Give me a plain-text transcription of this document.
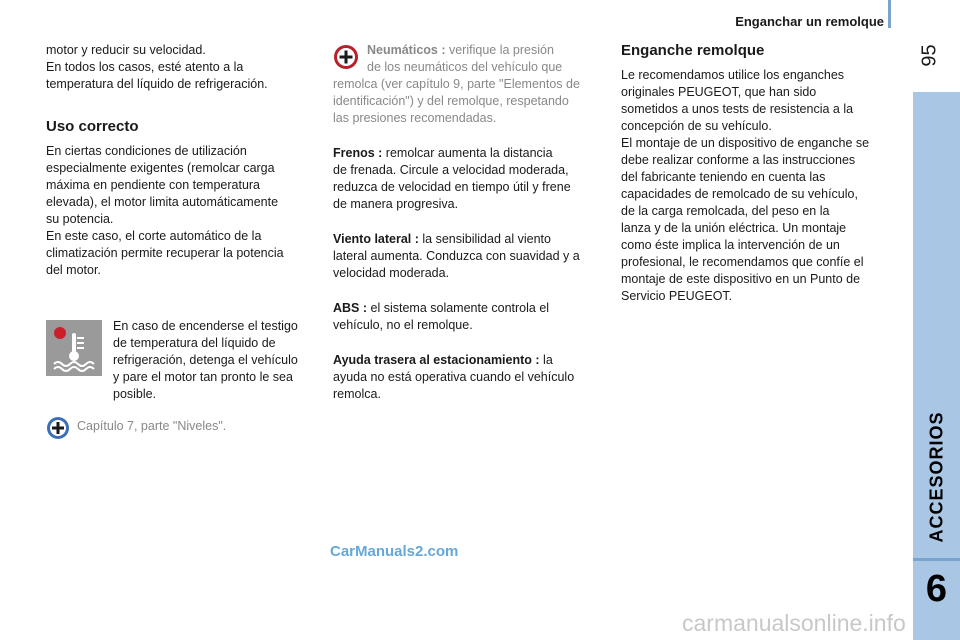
Enganchar un remolque
95
ACCESORIOS
6

motor y reducir su velocidad.

En todos los casos, esté atento a la

temperatura del líquido de refrigeración.

Uso correcto

En ciertas condiciones de utilización

especialmente exigentes (remolcar carga

máxima en pendiente con temperatura

elevada), el motor limita automáticamente

su potencia.

En este caso, el corte automático de la

climatización permite recuperar la potencia

del motor.

En caso de encenderse el testigo

de temperatura del líquido de

refrigeración, detenga el vehículo

y pare el motor tan pronto le sea

posible.

Capítulo 7, parte "Niveles".

Neumáticos : verifique la presión

de los neumáticos del vehículo que

remolca (ver capítulo 9, parte "Elementos de

identificación") y del remolque, respetando

las presiones recomendadas.

Frenos : remolcar aumenta la distancia

de frenada. Circule a velocidad moderada,

reduzca de velocidad en tiempo útil y frene

de manera progresiva.

Viento lateral : la sensibilidad al viento

lateral aumenta. Conduzca con suavidad y a

velocidad moderada.

ABS : el sistema solamente controla el

vehículo, no el remolque.

Ayuda trasera al estacionamiento : la

ayuda no está operativa cuando el vehículo

remolca.

Enganche remolque

Le recomendamos utilice los enganches

originales PEUGEOT, que han sido

sometidos a unos tests de resistencia a la

concepción de su vehículo.

El montaje de un dispositivo de enganche se

debe realizar conforme a las instrucciones

del fabricante teniendo en cuenta las

capacidades de remolcado de su vehículo,

de la carga remolcada, del peso en la

lanza y de la unión eléctrica. Un montaje

como éste implica la intervención de un

profesional, le recomendamos que confíe el

montaje de este dispositivo en un Punto de

Servicio PEUGEOT.

CarManuals2.com
carmanualsonline.info
